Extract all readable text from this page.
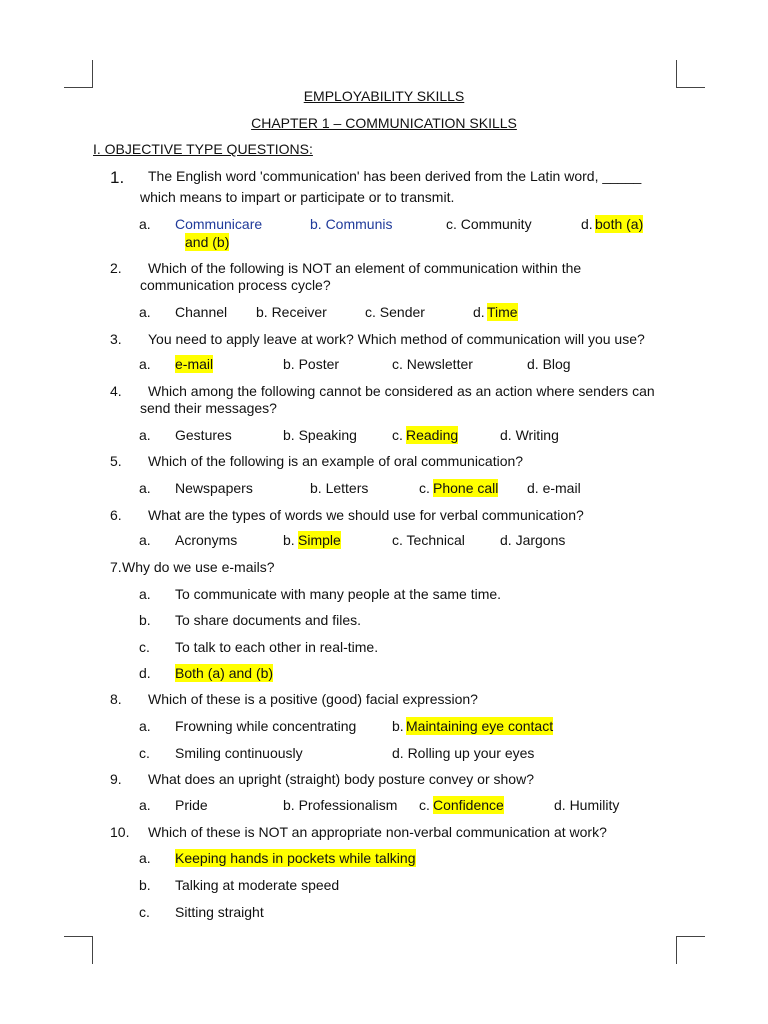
EMPLOYABILITY SKILLS
CHAPTER 1 – COMMUNICATION SKILLS
I. OBJECTIVE TYPE QUESTIONS:
1. The English word 'communication' has been derived from the Latin word, _____
which means to impart or participate or to transmit.
a. Communicare	b. Communis	c. Community	d. both (a)
and (b)
2. Which of the following is NOT an element of communication within the
communication process cycle?
a. Channel b. Receiver	c. Sender	d. Time
3. You need to apply leave at work? Which method of communication will you use?
a. e-mail	b. Poster	c. Newsletter	d. Blog
4. Which among the following cannot be considered as an action where senders can
send their messages?
a. Gestures	b. Speaking	c. Reading	d. Writing
5. Which of the following is an example of oral communication?
a. Newspapers	b. Letters	c. Phone call d. e-mail
6. What are the types of words we should use for verbal communication?
a. Acronyms	b. Simple	c. Technical	d. Jargons
7. Why do we use e-mails?
a. To communicate with many people at the same time.
b. To share documents and files.
c. To talk to each other in real-time.
d. Both (a) and (b)
8. Which of these is a positive (good) facial expression?
a. Frowning while concentrating	b. Maintaining eye contact
c. Smiling continuously	d. Rolling up your eyes
9. What does an upright (straight) body posture convey or show?
a. Pride	b. Professionalism c. Confidence	d. Humility
10. Which of these is NOT an appropriate non-verbal communication at work?
a. Keeping hands in pockets while talking
b. Talking at moderate speed
c. Sitting straight
